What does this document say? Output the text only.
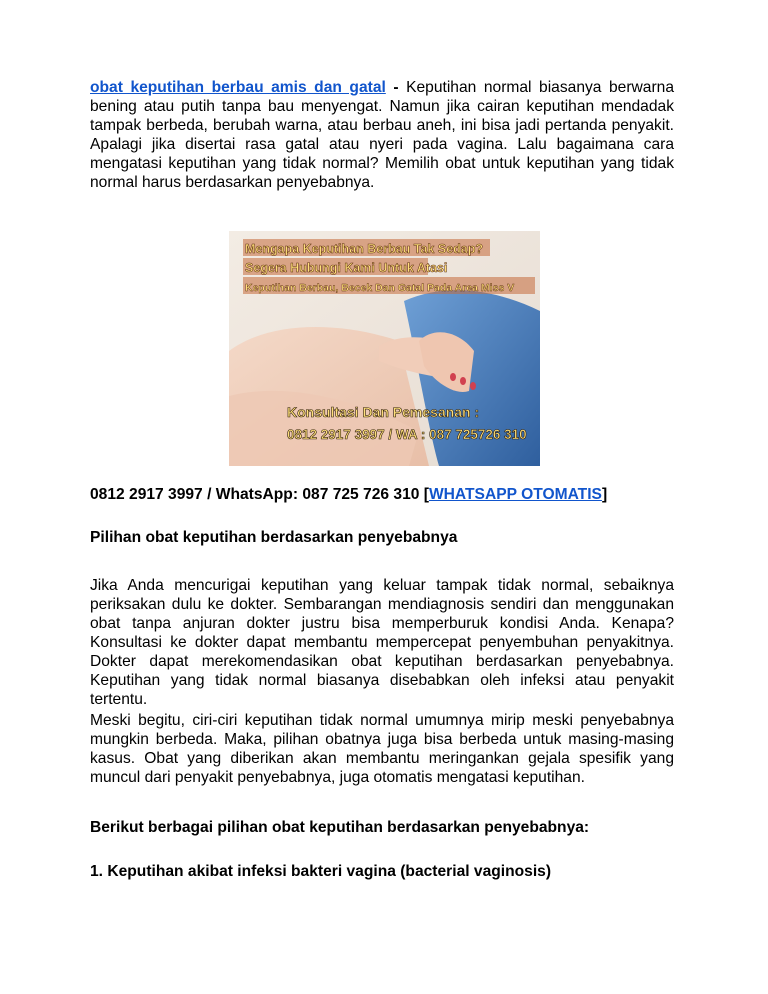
obat keputihan berbau amis dan gatal - Keputihan normal biasanya berwarna bening atau putih tanpa bau menyengat. Namun jika cairan keputihan mendadak tampak berbeda, berubah warna, atau berbau aneh, ini bisa jadi pertanda penyakit. Apalagi jika disertai rasa gatal atau nyeri pada vagina. Lalu bagaimana cara mengatasi keputihan yang tidak normal? Memilih obat untuk keputihan yang tidak normal harus berdasarkan penyebabnya.

Mengapa Keputihan Berbau Tak Sedap?
Segera Hubungi Kami Untuk Atasi
Keputihan Berbau, Becek Dan Gatal Pada Area Miss V
Konsultasi Dan Pemesanan :
0812 2917 3997 / WA : 087 725726 310
0812 2917 3997 / WhatsApp: 087 725 726 310 [WHATSAPP OTOMATIS]
Pilihan obat keputihan berdasarkan penyebabnya

Jika Anda mencurigai keputihan yang keluar tampak tidak normal, sebaiknya periksakan dulu ke dokter. Sembarangan mendiagnosis sendiri dan menggunakan obat tanpa anjuran dokter justru bisa memperburuk kondisi Anda. Kenapa? Konsultasi ke dokter dapat membantu mempercepat penyembuhan penyakitnya. Dokter dapat merekomendasikan obat keputihan berdasarkan penyebabnya. Keputihan yang tidak normal biasanya disebabkan oleh infeksi atau penyakit tertentu.

Meski begitu, ciri-ciri keputihan tidak normal umumnya mirip meski penyebabnya mungkin berbeda. Maka, pilihan obatnya juga bisa berbeda untuk masing-masing kasus. Obat yang diberikan akan membantu meringankan gejala spesifik yang muncul dari penyakit penyebabnya, juga otomatis mengatasi keputihan.

Berikut berbagai pilihan obat keputihan berdasarkan penyebabnya:
1. Keputihan akibat infeksi bakteri vagina (bacterial vaginosis)
